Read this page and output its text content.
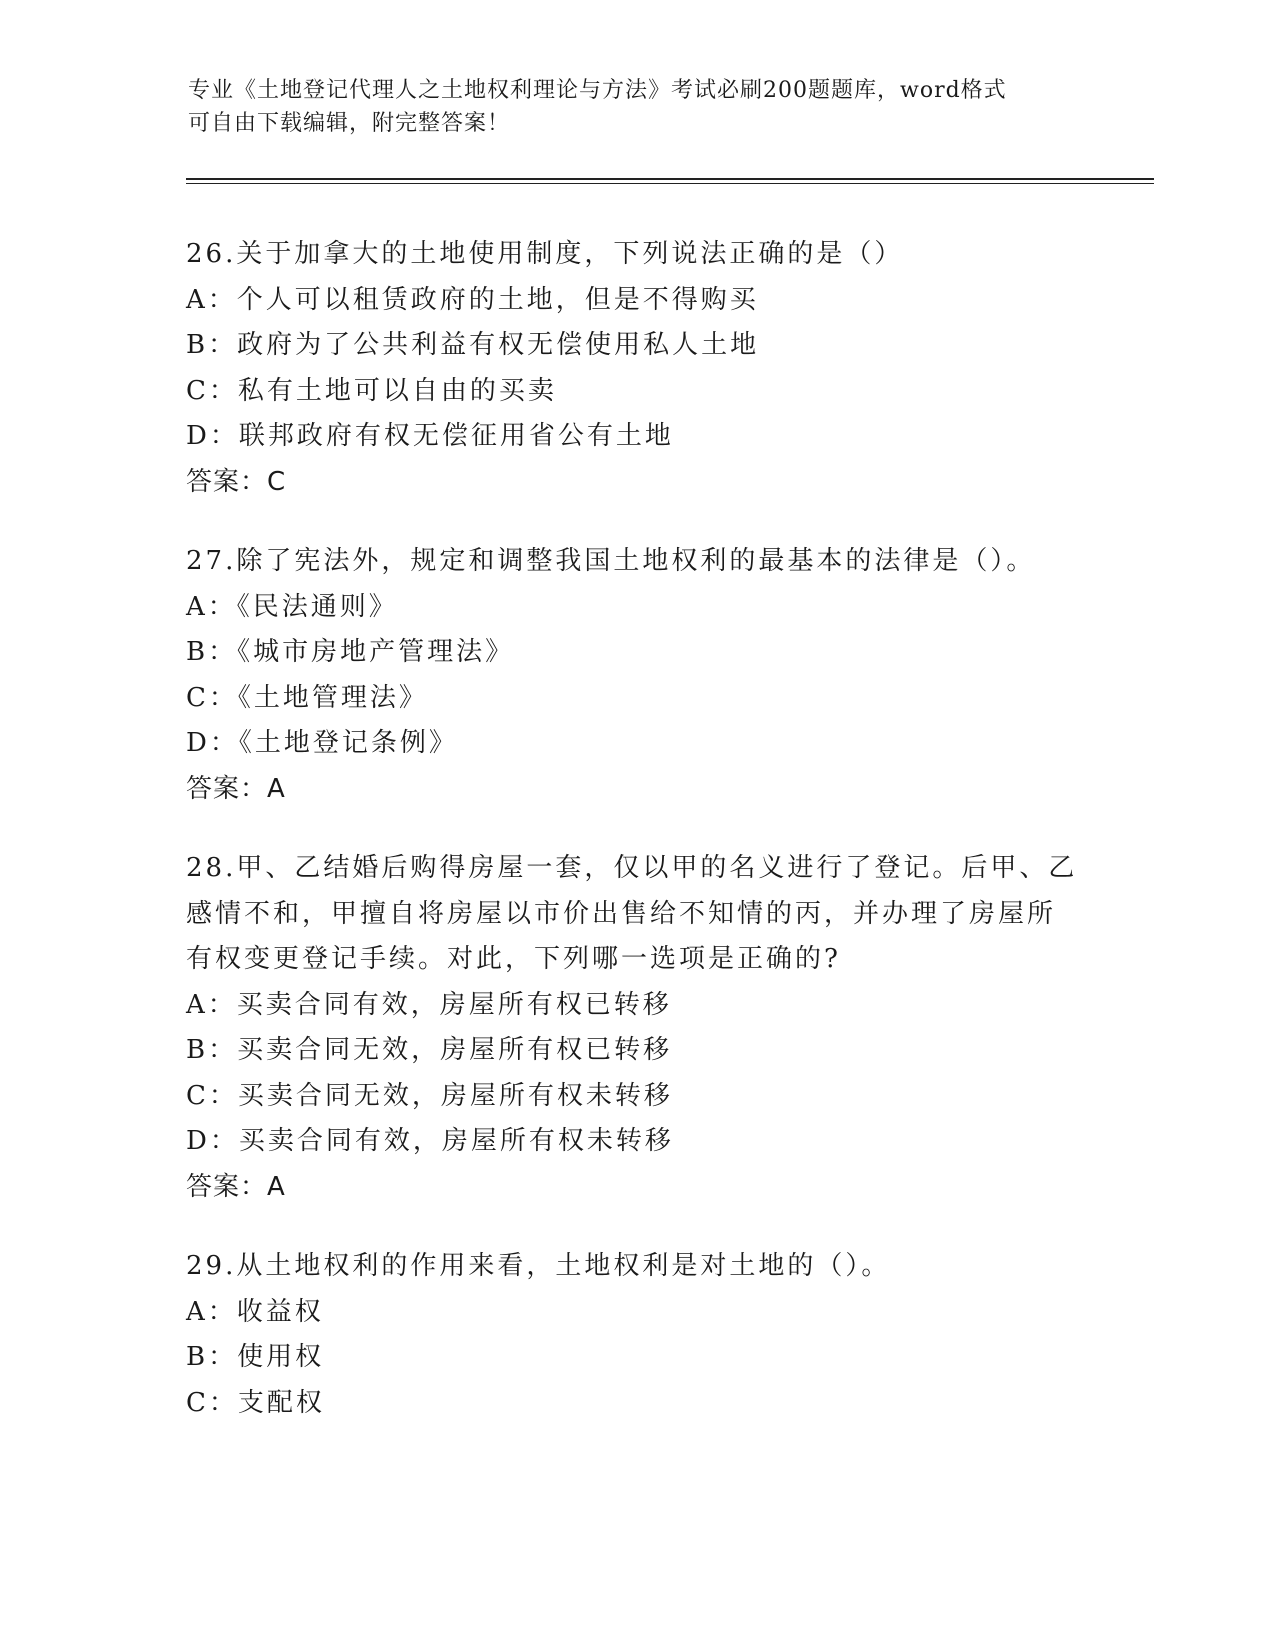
专业《土地登记代理人之土地权利理论与方法》考试必刷200题题库，word格式
可自由下载编辑，附完整答案！
26.关于加拿大的土地使用制度，下列说法正确的是（）
A：个人可以租赁政府的土地，但是不得购买
B：政府为了公共利益有权无偿使用私人土地
C：私有土地可以自由的买卖
D：联邦政府有权无偿征用省公有土地
答案：C
27.除了宪法外，规定和调整我国土地权利的最基本的法律是（）。
A：《民法通则》
B：《城市房地产管理法》
C：《土地管理法》
D：《土地登记条例》
答案：A
28.甲、乙结婚后购得房屋一套，仅以甲的名义进行了登记。后甲、乙
感情不和，甲擅自将房屋以市价出售给不知情的丙，并办理了房屋所
有权变更登记手续。对此，下列哪一选项是正确的?
A：买卖合同有效，房屋所有权已转移
B：买卖合同无效，房屋所有权已转移
C：买卖合同无效，房屋所有权未转移
D：买卖合同有效，房屋所有权未转移
答案：A
29.从土地权利的作用来看，土地权利是对土地的（）。
A：收益权
B：使用权
C：支配权
